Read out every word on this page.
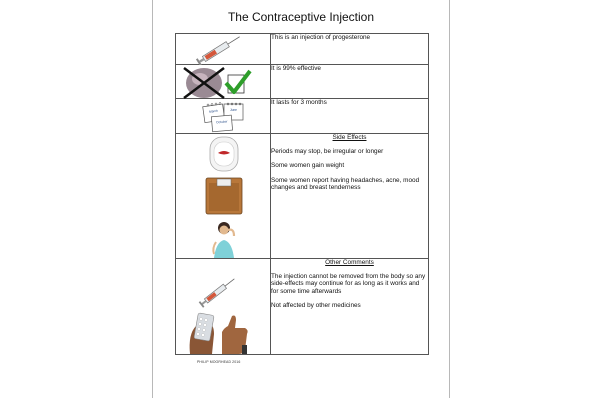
The Contraceptive Injection
	This is an injection of progesterone

	It is 99% effective

March June
October	It lasts for 3 months

Side Effects
Periods may stop, be irregular or longer
Some women gain weight
Some women report having headaches, acne, mood changes and breast tenderness

Other Comments
The injection cannot be removed from the body so any side-effects may continue for as long as it works and for some time afterwards
Not affected by other medicines
PHILIP MOORHEAD 2016
